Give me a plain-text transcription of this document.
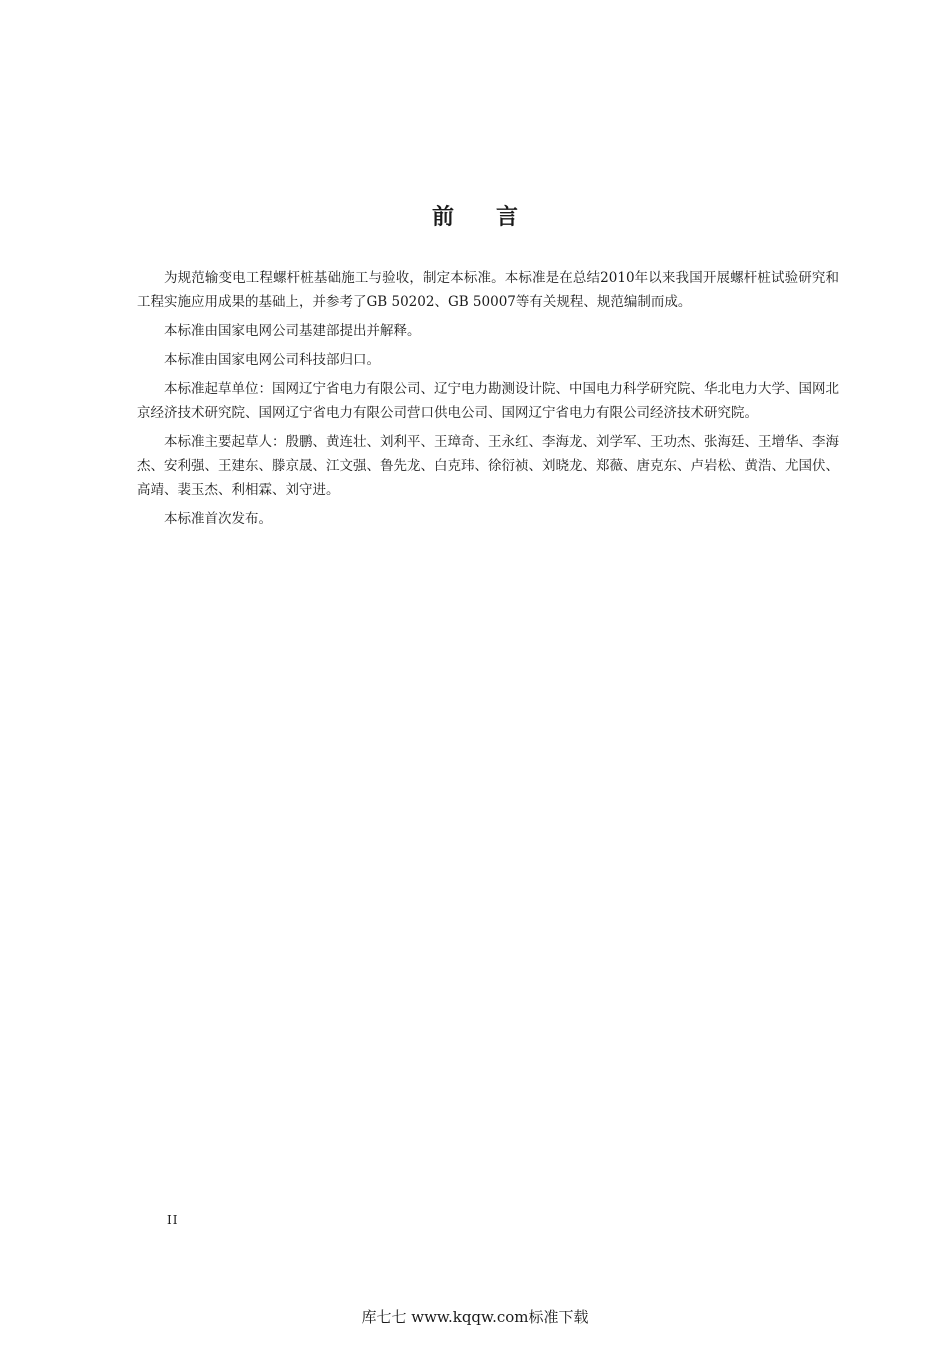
前言

为规范输变电工程螺杆桩基础施工与验收，制定本标准。本标准是在总结2010年以来我国开展螺杆桩试验研究和工程实施应用成果的基础上，并参考了GB 50202、GB 50007等有关规程、规范编制而成。

本标准由国家电网公司基建部提出并解释。

本标准由国家电网公司科技部归口。

本标准起草单位：国网辽宁省电力有限公司、辽宁电力勘测设计院、中国电力科学研究院、华北电力大学、国网北京经济技术研究院、国网辽宁省电力有限公司营口供电公司、国网辽宁省电力有限公司经济技术研究院。

本标准主要起草人：殷鹏、黄连壮、刘利平、王璋奇、王永红、李海龙、刘学军、王功杰、张海廷、王增华、李海杰、安利强、王建东、滕京晟、江文强、鲁先龙、白克玮、徐衍祯、刘晓龙、郑薇、唐克东、卢岩松、黄浩、尤国伏、高靖、裴玉杰、利相霖、刘守进。

本标准首次发布。

II
库七七 www.kqqw.com标准下载
